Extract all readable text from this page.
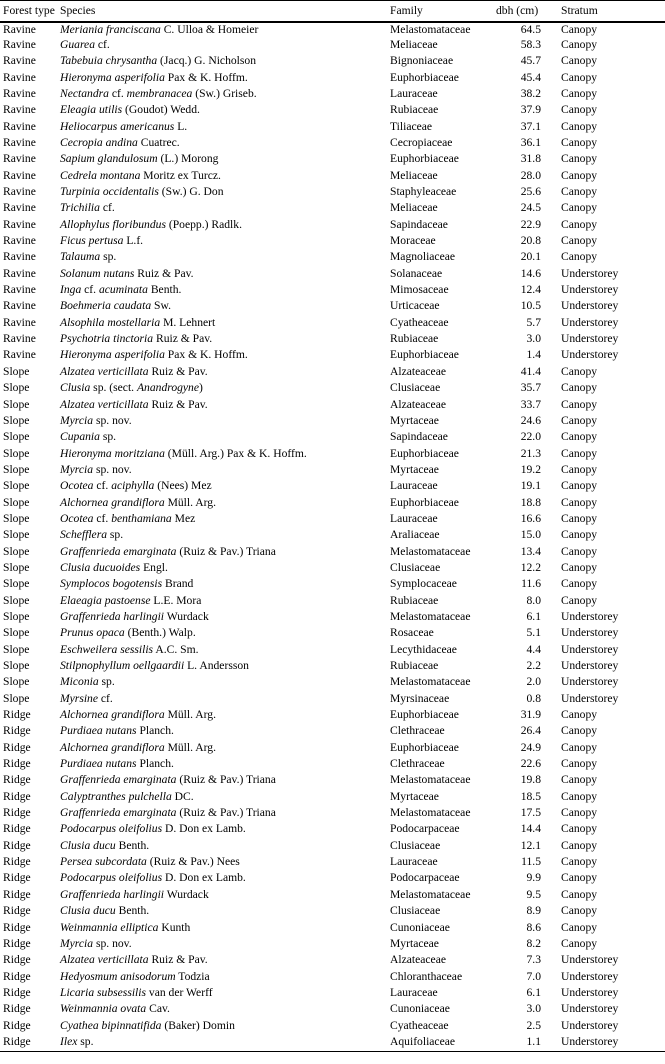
Forest type	Species	Family	dbh (cm)	Stratum
Ravine	Meriania franciscana C. Ulloa & Homeier	Melastomataceae	64.5	Canopy
Ravine	Guarea cf.	Meliaceae	58.3	Canopy
Ravine	Tabebuia chrysantha (Jacq.) G. Nicholson	Bignoniaceae	45.7	Canopy
Ravine	Hieronyma asperifolia Pax & K. Hoffm.	Euphorbiaceae	45.4	Canopy
Ravine	Nectandra cf. membranacea (Sw.) Griseb.	Lauraceae	38.2	Canopy
Ravine	Eleagia utilis (Goudot) Wedd.	Rubiaceae	37.9	Canopy
Ravine	Heliocarpus americanus L.	Tiliaceae	37.1	Canopy
Ravine	Cecropia andina Cuatrec.	Cecropiaceae	36.1	Canopy
Ravine	Sapium glandulosum (L.) Morong	Euphorbiaceae	31.8	Canopy
Ravine	Cedrela montana Moritz ex Turcz.	Meliaceae	28.0	Canopy
Ravine	Turpinia occidentalis (Sw.) G. Don	Staphyleaceae	25.6	Canopy
Ravine	Trichilia cf.	Meliaceae	24.5	Canopy
Ravine	Allophylus floribundus (Poepp.) Radlk.	Sapindaceae	22.9	Canopy
Ravine	Ficus pertusa L.f.	Moraceae	20.8	Canopy
Ravine	Talauma sp.	Magnoliaceae	20.1	Canopy
Ravine	Solanum nutans Ruiz & Pav.	Solanaceae	14.6	Understorey
Ravine	Inga cf. acuminata Benth.	Mimosaceae	12.4	Understorey
Ravine	Boehmeria caudata Sw.	Urticaceae	10.5	Understorey
Ravine	Alsophila mostellaria M. Lehnert	Cyatheaceae	5.7	Understorey
Ravine	Psychotria tinctoria Ruiz & Pav.	Rubiaceae	3.0	Understorey
Ravine	Hieronyma asperifolia Pax & K. Hoffm.	Euphorbiaceae	1.4	Understorey
Slope	Alzatea verticillata Ruiz & Pav.	Alzateaceae	41.4	Canopy
Slope	Clusia sp. (sect. Anandrogyne)	Clusiaceae	35.7	Canopy
Slope	Alzatea verticillata Ruiz & Pav.	Alzateaceae	33.7	Canopy
Slope	Myrcia sp. nov.	Myrtaceae	24.6	Canopy
Slope	Cupania sp.	Sapindaceae	22.0	Canopy
Slope	Hieronyma moritziana (Müll. Arg.) Pax & K. Hoffm.	Euphorbiaceae	21.3	Canopy
Slope	Myrcia sp. nov.	Myrtaceae	19.2	Canopy
Slope	Ocotea cf. aciphylla (Nees) Mez	Lauraceae	19.1	Canopy
Slope	Alchornea grandiflora Müll. Arg.	Euphorbiaceae	18.8	Canopy
Slope	Ocotea cf. benthamiana Mez	Lauraceae	16.6	Canopy
Slope	Schefflera sp.	Araliaceae	15.0	Canopy
Slope	Graffenrieda emarginata (Ruiz & Pav.) Triana	Melastomataceae	13.4	Canopy
Slope	Clusia ducuoides Engl.	Clusiaceae	12.2	Canopy
Slope	Symplocos bogotensis Brand	Symplocaceae	11.6	Canopy
Slope	Elaeagia pastoense L.E. Mora	Rubiaceae	8.0	Canopy
Slope	Graffenrieda harlingii Wurdack	Melastomataceae	6.1	Understorey
Slope	Prunus opaca (Benth.) Walp.	Rosaceae	5.1	Understorey
Slope	Eschweilera sessilis A.C. Sm.	Lecythidaceae	4.4	Understorey
Slope	Stilpnophyllum oellgaardii L. Andersson	Rubiaceae	2.2	Understorey
Slope	Miconia sp.	Melastomataceae	2.0	Understorey
Slope	Myrsine cf.	Myrsinaceae	0.8	Understorey
Ridge	Alchornea grandiflora Müll. Arg.	Euphorbiaceae	31.9	Canopy
Ridge	Purdiaea nutans Planch.	Clethraceae	26.4	Canopy
Ridge	Alchornea grandiflora Müll. Arg.	Euphorbiaceae	24.9	Canopy
Ridge	Purdiaea nutans Planch.	Clethraceae	22.6	Canopy
Ridge	Graffenrieda emarginata (Ruiz & Pav.) Triana	Melastomataceae	19.8	Canopy
Ridge	Calyptranthes pulchella DC.	Myrtaceae	18.5	Canopy
Ridge	Graffenrieda emarginata (Ruiz & Pav.) Triana	Melastomataceae	17.5	Canopy
Ridge	Podocarpus oleifolius D. Don ex Lamb.	Podocarpaceae	14.4	Canopy
Ridge	Clusia ducu Benth.	Clusiaceae	12.1	Canopy
Ridge	Persea subcordata (Ruiz & Pav.) Nees	Lauraceae	11.5	Canopy
Ridge	Podocarpus oleifolius D. Don ex Lamb.	Podocarpaceae	9.9	Canopy
Ridge	Graffenrieda harlingii Wurdack	Melastomataceae	9.5	Canopy
Ridge	Clusia ducu Benth.	Clusiaceae	8.9	Canopy
Ridge	Weinmannia elliptica Kunth	Cunoniaceae	8.6	Canopy
Ridge	Myrcia sp. nov.	Myrtaceae	8.2	Canopy
Ridge	Alzatea verticillata Ruiz & Pav.	Alzateaceae	7.3	Understorey
Ridge	Hedyosmum anisodorum Todzia	Chloranthaceae	7.0	Understorey
Ridge	Licaria subsessilis van der Werff	Lauraceae	6.1	Understorey
Ridge	Weinmannia ovata Cav.	Cunoniaceae	3.0	Understorey
Ridge	Cyathea bipinnatifida (Baker) Domin	Cyatheaceae	2.5	Understorey
Ridge	Ilex sp.	Aquifoliaceae	1.1	Understorey
